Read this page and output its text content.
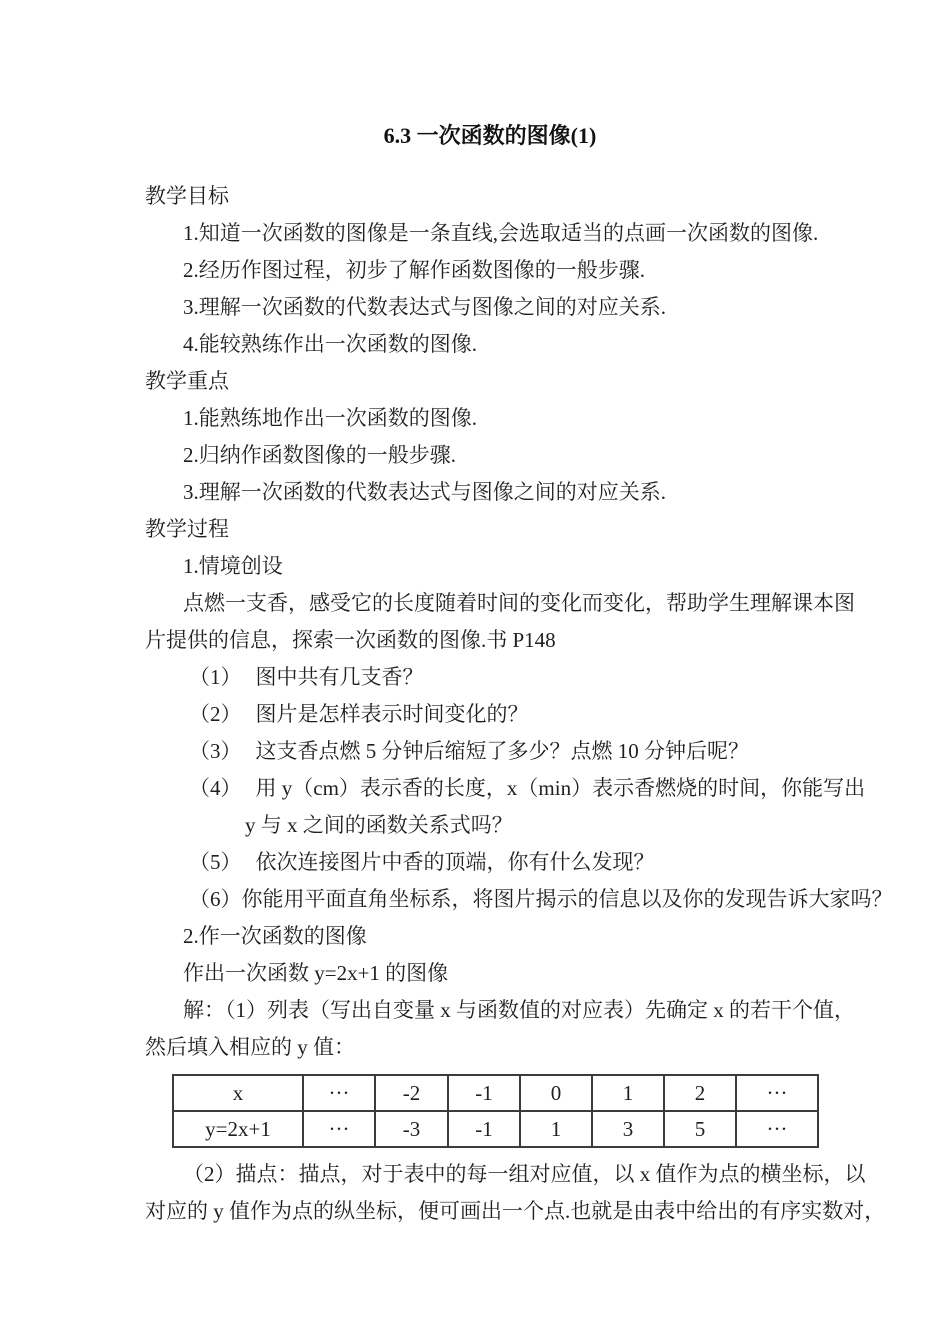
6.3 一次函数的图像(1)

教学目标

1.知道一次函数的图像是一条直线,会选取适当的点画一次函数的图像.

2.经历作图过程，初步了解作函数图像的一般步骤.

3.理解一次函数的代数表达式与图像之间的对应关系.

4.能较熟练作出一次函数的图像.

教学重点

1.能熟练地作出一次函数的图像.

2.归纳作函数图像的一般步骤.

3.理解一次函数的代数表达式与图像之间的对应关系.

教学过程

1.情境创设

点燃一支香，感受它的长度随着时间的变化而变化，帮助学生理解课本图

片提供的信息，探索一次函数的图像.书 P148

（1） 图中共有几支香？

（2） 图片是怎样表示时间变化的？

（3） 这支香点燃 5 分钟后缩短了多少？点燃 10 分钟后呢？

（4） 用 y（cm）表示香的长度，x（min）表示香燃烧的时间，你能写出

y 与 x 之间的函数关系式吗？

（5） 依次连接图片中香的顶端，你有什么发现？

（6）你能用平面直角坐标系，将图片揭示的信息以及你的发现告诉大家吗？

2.作一次函数的图像

作出一次函数 y=2x+1 的图像

解：（1）列表（写出自变量 x 与函数值的对应表）先确定 x 的若干个值，

然后填入相应的 y 值：

x	···	-2	-1	0	1	2	···
y=2x+1	···	-3	-1	1	3	5	···

（2）描点：描点，对于表中的每一组对应值，以 x 值作为点的横坐标，以

对应的 y 值作为点的纵坐标，便可画出一个点.也就是由表中给出的有序实数对，
